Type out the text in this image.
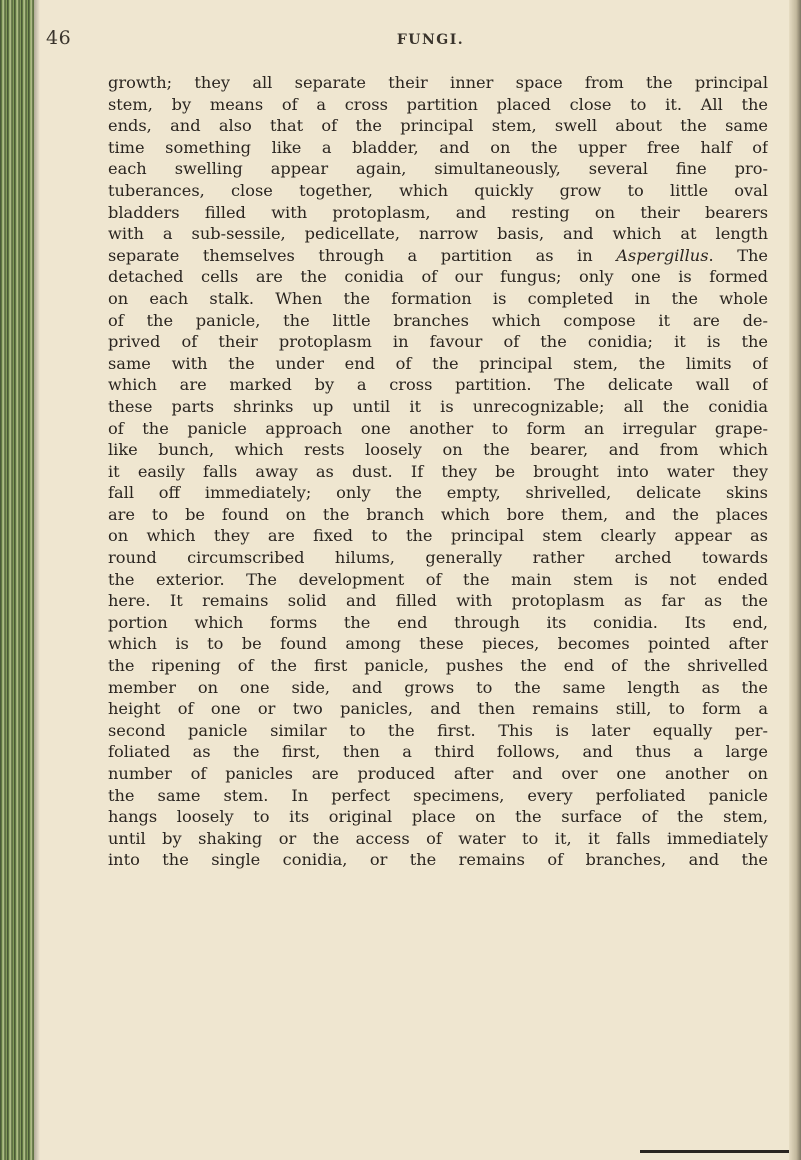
46	FUNGI.
growth; they all separate their inner space from the principal
stem, by means of a cross partition placed close to it. All the
ends, and also that of the principal stem, swell about the same
time something like a bladder, and on the upper free half of
each swelling appear again, simultaneously, several fine pro-
tuberances, close together, which quickly grow to little oval
bladders filled with protoplasm, and resting on their bearers
with a sub-sessile, pedicellate, narrow basis, and which at length
separate themselves through a partition as in Aspergillus. The
detached cells are the conidia of our fungus; only one is formed
on each stalk. When the formation is completed in the whole
of the panicle, the little branches which compose it are de-
prived of their protoplasm in favour of the conidia; it is the
same with the under end of the principal stem, the limits of
which are marked by a cross partition. The delicate wall of
these parts shrinks up until it is unrecognizable; all the conidia
of the panicle approach one another to form an irregular grape-
like bunch, which rests loosely on the bearer, and from which
it easily falls away as dust. If they be brought into water they
fall off immediately; only the empty, shrivelled, delicate skins
are to be found on the branch which bore them, and the places
on which they are fixed to the principal stem clearly appear as
round circumscribed hilums, generally rather arched towards
the exterior. The development of the main stem is not ended
here. It remains solid and filled with protoplasm as far as the
portion which forms the end through its conidia. Its end,
which is to be found among these pieces, becomes pointed after
the ripening of the first panicle, pushes the end of the shrivelled
member on one side, and grows to the same length as the
height of one or two panicles, and then remains still, to form a
second panicle similar to the first. This is later equally per-
foliated as the first, then a third follows, and thus a large
number of panicles are produced after and over one another on
the same stem. In perfect specimens, every perfoliated panicle
hangs loosely to its original place on the surface of the stem,
until by shaking or the access of water to it, it falls immediately
into the single conidia, or the remains of branches, and the
